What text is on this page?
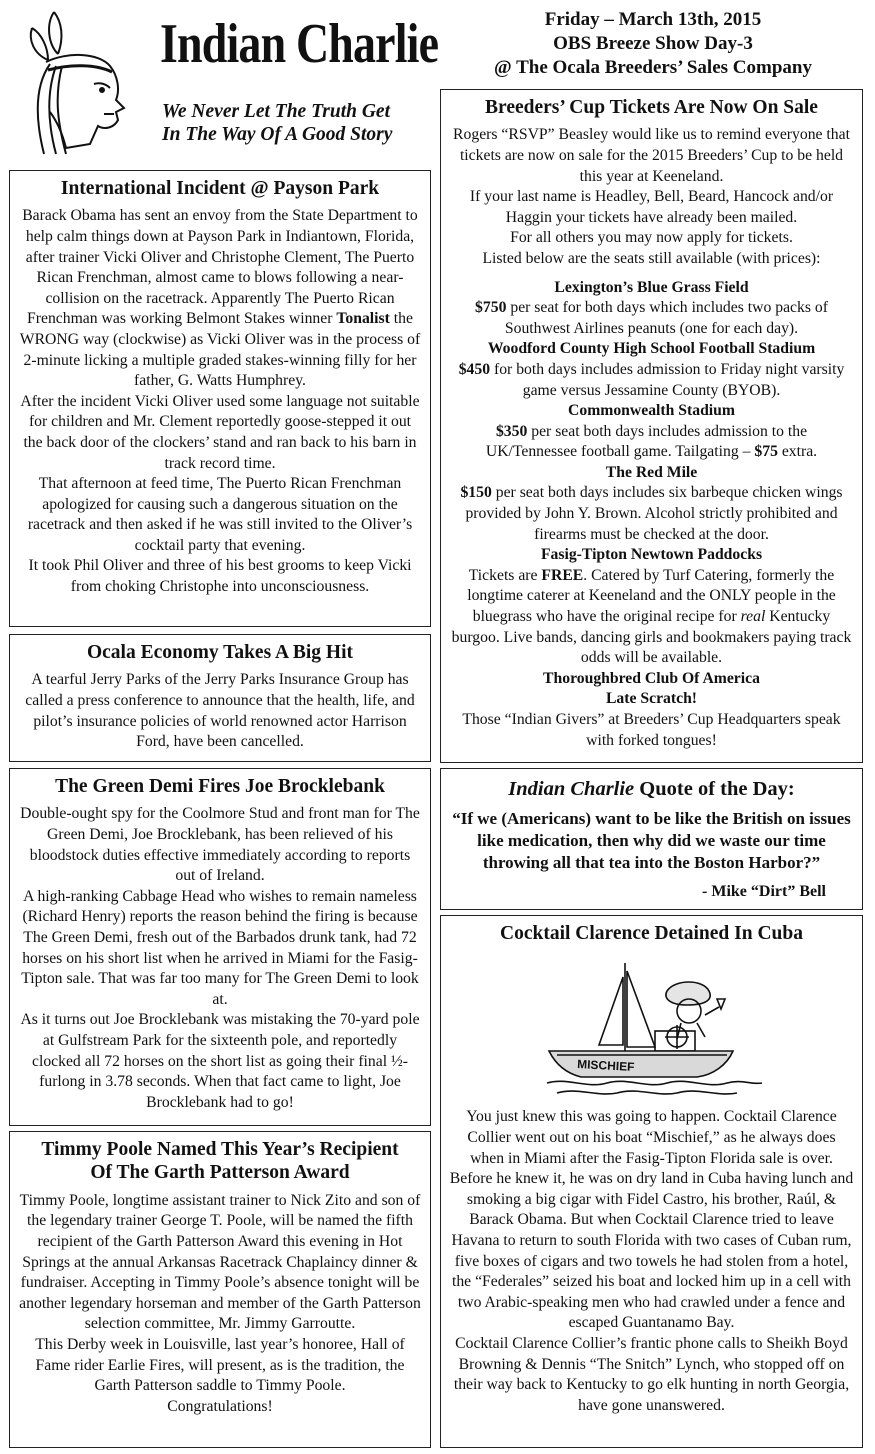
Indian Charlie
We Never Let The Truth Get
In The Way Of A Good Story
Friday – March 13th, 2015
OBS Breeze Show Day-3
@ The Ocala Breeders’ Sales Company
International Incident @ Payson Park

Barack Obama has sent an envoy from the State Department to help calm things down at Payson Park in Indiantown, Florida, after trainer Vicki Oliver and Christophe Clement, The Puerto Rican Frenchman, almost came to blows following a near-collision on the racetrack. Apparently The Puerto Rican Frenchman was working Belmont Stakes winner Tonalist the WRONG way (clockwise) as Vicki Oliver was in the process of 2-minute licking a multiple graded stakes-winning filly for her father, G. Watts Humphrey.

After the incident Vicki Oliver used some language not suitable for children and Mr. Clement reportedly goose-stepped it out the back door of the clockers’ stand and ran back to his barn in track record time.

That afternoon at feed time, The Puerto Rican Frenchman apologized for causing such a dangerous situation on the racetrack and then asked if he was still invited to the Oliver’s cocktail party that evening.

It took Phil Oliver and three of his best grooms to keep Vicki from choking Christophe into unconsciousness.

Ocala Economy Takes A Big Hit

A tearful Jerry Parks of the Jerry Parks Insurance Group has called a press conference to announce that the health, life, and pilot’s insurance policies of world renowned actor Harrison Ford, have been cancelled.

The Green Demi Fires Joe Brocklebank

Double-ought spy for the Coolmore Stud and front man for The Green Demi, Joe Brocklebank, has been relieved of his bloodstock duties effective immediately according to reports out of Ireland.

A high-ranking Cabbage Head who wishes to remain nameless (Richard Henry) reports the reason behind the firing is because The Green Demi, fresh out of the Barbados drunk tank, had 72 horses on his short list when he arrived in Miami for the Fasig-Tipton sale. That was far too many for The Green Demi to look at.

As it turns out Joe Brocklebank was mistaking the 70-yard pole at Gulfstream Park for the sixteenth pole, and reportedly clocked all 72 horses on the short list as going their final ½-furlong in 3.78 seconds. When that fact came to light, Joe Brocklebank had to go!

Timmy Poole Named This Year’s Recipient
Of The Garth Patterson Award

Timmy Poole, longtime assistant trainer to Nick Zito and son of the legendary trainer George T. Poole, will be named the fifth recipient of the Garth Patterson Award this evening in Hot Springs at the annual Arkansas Racetrack Chaplaincy dinner & fundraiser. Accepting in Timmy Poole’s absence tonight will be another legendary horseman and member of the Garth Patterson selection committee, Mr. Jimmy Garroutte.

This Derby week in Louisville, last year’s honoree, Hall of Fame rider Earlie Fires, will present, as is the tradition, the Garth Patterson saddle to Timmy Poole.

Congratulations!

Breeders’ Cup Tickets Are Now On Sale

Rogers “RSVP” Beasley would like us to remind everyone that tickets are now on sale for the 2015 Breeders’ Cup to be held this year at Keeneland.

If your last name is Headley, Bell, Beard, Hancock and/or Haggin your tickets have already been mailed.

For all others you may now apply for tickets.

Listed below are the seats still available (with prices):

Lexington’s Blue Grass Field

$750 per seat for both days which includes two packs of Southwest Airlines peanuts (one for each day).

Woodford County High School Football Stadium

$450 for both days includes admission to Friday night varsity game versus Jessamine County (BYOB).

Commonwealth Stadium

$350 per seat both days includes admission to the UK/Tennessee football game. Tailgating – $75 extra.

The Red Mile

$150 per seat both days includes six barbeque chicken wings provided by John Y. Brown. Alcohol strictly prohibited and firearms must be checked at the door.

Fasig-Tipton Newtown Paddocks

Tickets are FREE. Catered by Turf Catering, formerly the longtime caterer at Keeneland and the ONLY people in the bluegrass who have the original recipe for real Kentucky burgoo. Live bands, dancing girls and bookmakers paying track odds will be available.

Thoroughbred Club Of America

Late Scratch!

Those “Indian Givers” at Breeders’ Cup Headquarters speak with forked tongues!

Indian Charlie Quote of the Day:

“If we (Americans) want to be like the British on issues like medication, then why did we waste our time throwing all that tea into the Boston Harbor?”

- Mike “Dirt” Bell

Cocktail Clarence Detained In Cuba
MISCHIEF

You just knew this was going to happen. Cocktail Clarence Collier went out on his boat “Mischief,” as he always does when in Miami after the Fasig-Tipton Florida sale is over. Before he knew it, he was on dry land in Cuba having lunch and smoking a big cigar with Fidel Castro, his brother, Raúl, & Barack Obama. But when Cocktail Clarence tried to leave Havana to return to south Florida with two cases of Cuban rum, five boxes of cigars and two towels he had stolen from a hotel, the “Federales” seized his boat and locked him up in a cell with two Arabic-speaking men who had crawled under a fence and escaped Guantanamo Bay.

Cocktail Clarence Collier’s frantic phone calls to Sheikh Boyd Browning & Dennis “The Snitch” Lynch, who stopped off on their way back to Kentucky to go elk hunting in north Georgia, have gone unanswered.
